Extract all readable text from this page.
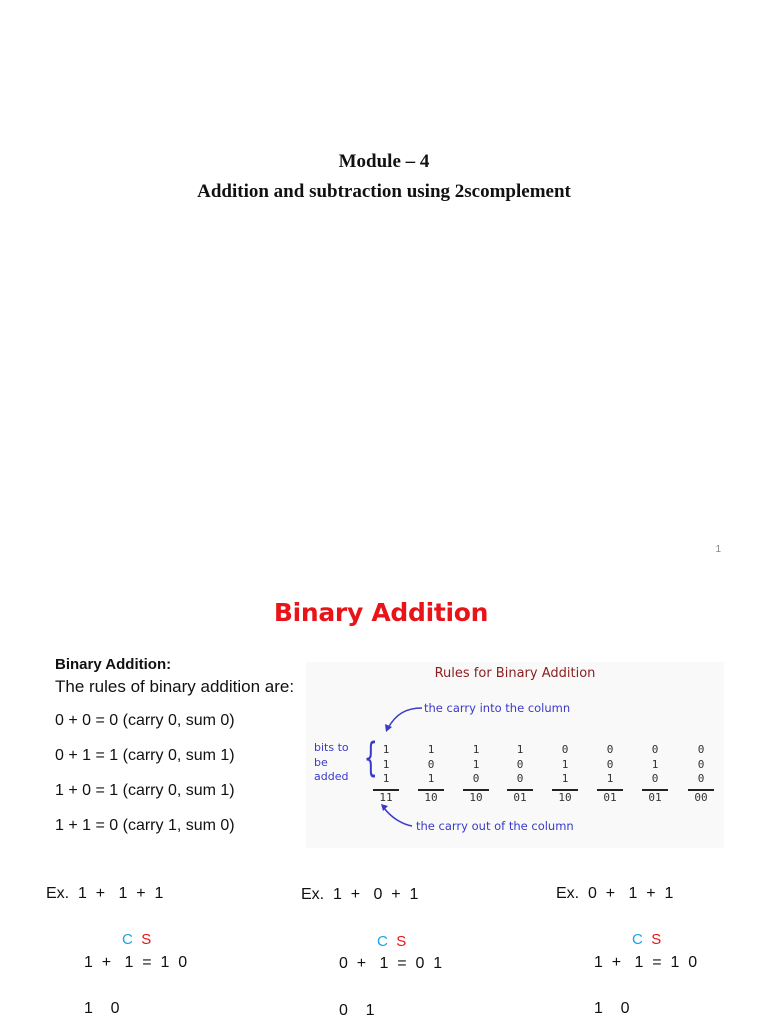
Module – 4
Addition and subtraction using 2scomplement
1
Binary Addition
Binary Addition:
The rules of binary addition are:
0 + 0 = 0 (carry 0, sum 0)
0 + 1 = 1 (carry 0, sum 1)
1 + 0 = 1 (carry 0, sum 1)
1 + 1 = 0 (carry 1, sum 0)
Rules for Binary Addition
the carry into the column
the carry out of the column
bits to
be
added { 1
1
1
11
1
0
1
10
1
1
0
10
1
0
0
01
0
1
1
10
0
0
1
01
0
1
0
01
0
0
0
00
Ex.  1  +   1  +  1
C S
1  +   1  =  1  0
1    0
Ex.  1  +   0  +  1
C S
0  +   1  =  0  1
0    1
Ex.  0  +   1  +  1
C S
1  +   1  =  1  0
1    0
